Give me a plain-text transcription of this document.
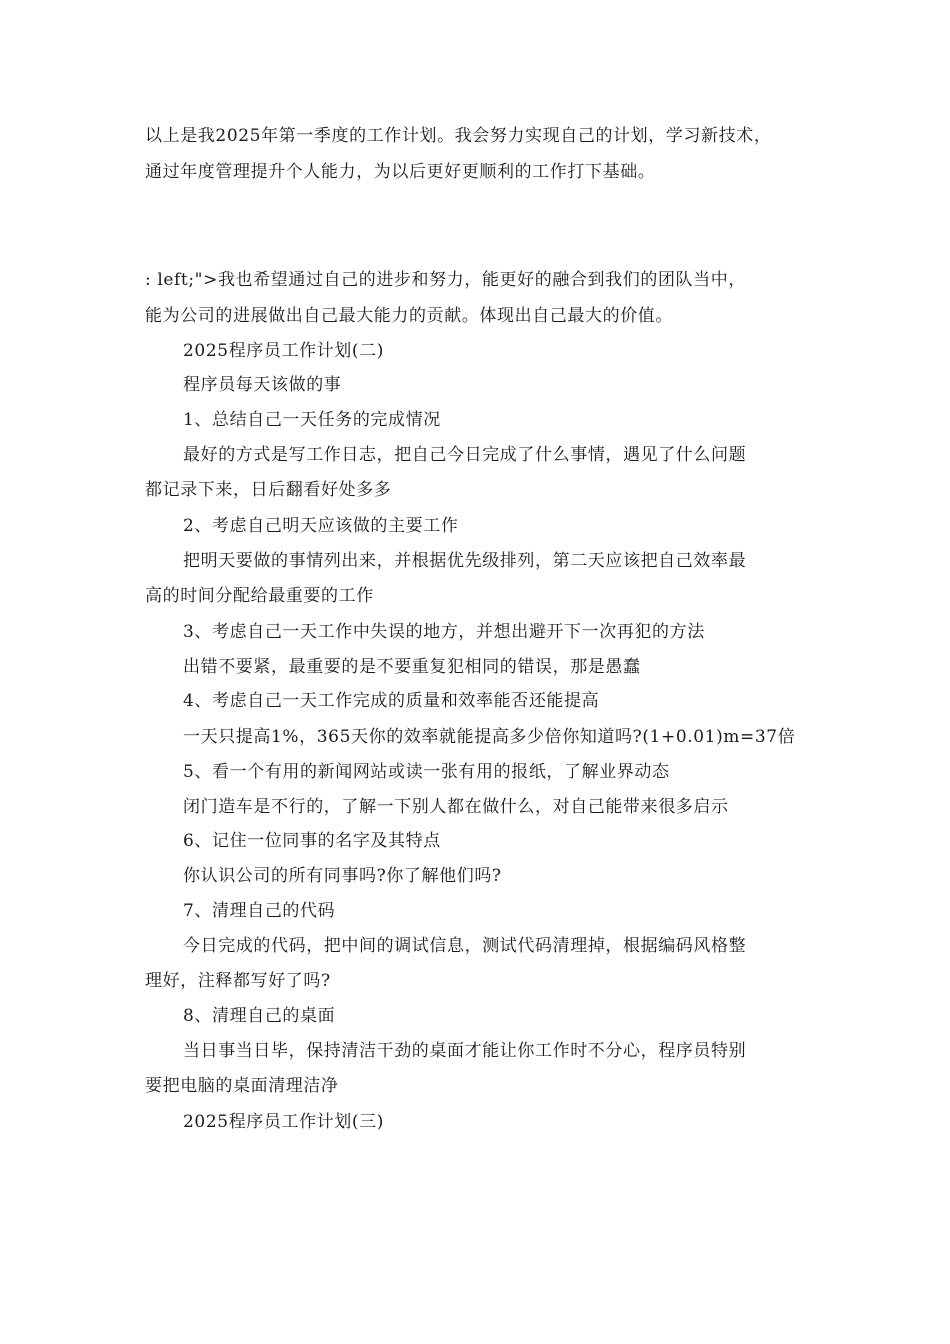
以上是我2025年第一季度的工作计划。我会努力实现自己的计划，学习新技术，
通过年度管理提升个人能力，为以后更好更顺利的工作打下基础。
: left;">我也希望通过自己的进步和努力，能更好的融合到我们的团队当中，
能为公司的进展做出自己最大能力的贡献。体现出自己最大的价值。
2025程序员工作计划(二)
程序员每天该做的事
1、总结自己一天任务的完成情况
最好的方式是写工作日志，把自己今日完成了什么事情，遇见了什么问题
都记录下来，日后翻看好处多多
2、考虑自己明天应该做的主要工作
把明天要做的事情列出来，并根据优先级排列，第二天应该把自己效率最
高的时间分配给最重要的工作
3、考虑自己一天工作中失误的地方，并想出避开下一次再犯的方法
出错不要紧，最重要的是不要重复犯相同的错误，那是愚蠢
4、考虑自己一天工作完成的质量和效率能否还能提高
一天只提高1%，365天你的效率就能提高多少倍你知道吗?(1+0.01)m=37倍
5、看一个有用的新闻网站或读一张有用的报纸，了解业界动态
闭门造车是不行的，了解一下别人都在做什么，对自己能带来很多启示
6、记住一位同事的名字及其特点
你认识公司的所有同事吗?你了解他们吗?
7、清理自己的代码
今日完成的代码，把中间的调试信息，测试代码清理掉，根据编码风格整
理好，注释都写好了吗?
8、清理自己的桌面
当日事当日毕，保持清洁干劲的桌面才能让你工作时不分心，程序员特别
要把电脑的桌面清理洁净
2025程序员工作计划(三)
